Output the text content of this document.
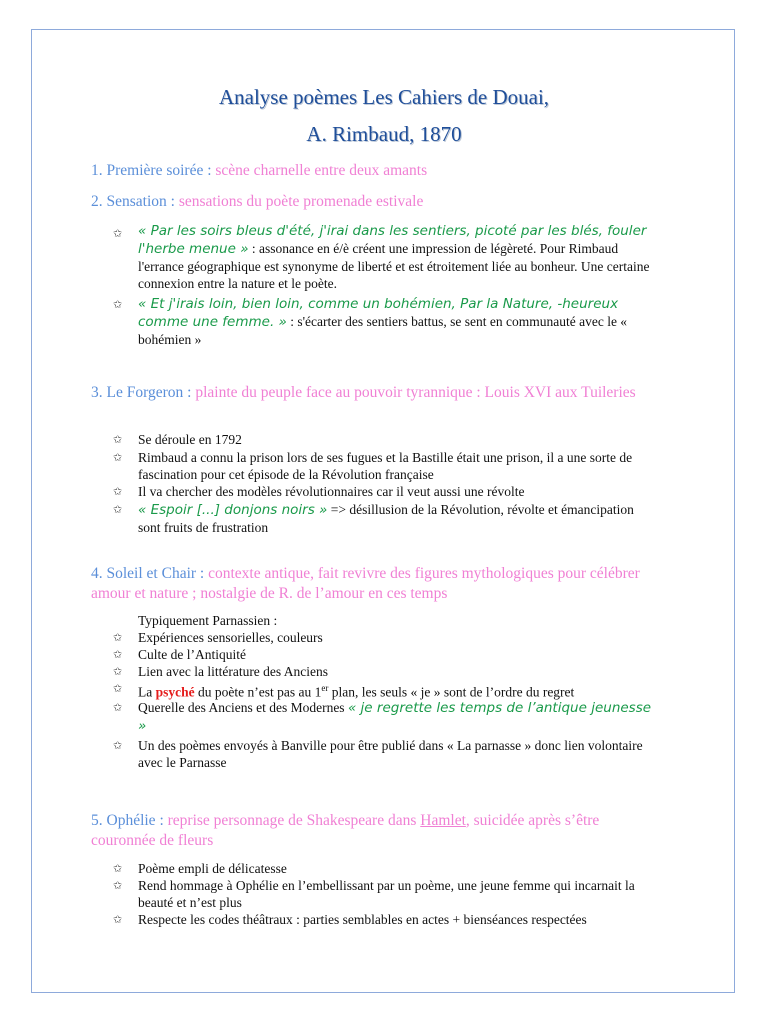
Analyse poèmes Les Cahiers de Douai,
A. Rimbaud, 1870
1. Première soirée : scène charnelle entre deux amants
2. Sensation : sensations du poète promenade estivale
✩ « Par les soirs bleus d'été, j'irai dans les sentiers, picoté par les blés, fouler l'herbe menue » : assonance en é/è créent une impression de légèreté. Pour Rimbaud l'errance géographique est synonyme de liberté et est étroitement liée au bonheur. Une certaine connexion entre la nature et le poète.
✩ « Et j'irais loin, bien loin, comme un bohémien, Par la Nature, -heureux comme une femme. » : s'écarter des sentiers battus, se sent en communauté avec le « bohémien »
3. Le Forgeron : plainte du peuple face au pouvoir tyrannique : Louis XVI aux Tuileries
✩ Se déroule en 1792
✩ Rimbaud a connu la prison lors de ses fugues et la Bastille était une prison, il a une sorte de fascination pour cet épisode de la Révolution française
✩ Il va chercher des modèles révolutionnaires car il veut aussi une révolte
✩ « Espoir [...] donjons noirs » => désillusion de la Révolution, révolte et émancipation sont fruits de frustration
4. Soleil et Chair : contexte antique, fait revivre des figures mythologiques pour célébrer amour et nature ; nostalgie de R. de l’amour en ces temps
Typiquement Parnassien :
✩ Expériences sensorielles, couleurs
✩ Culte de l’Antiquité
✩ Lien avec la littérature des Anciens
✩ La psyché du poète n’est pas au 1er plan, les seuls « je » sont de l’ordre du regret
✩ Querelle des Anciens et des Modernes « je regrette les temps de l’antique jeunesse »
✩ Un des poèmes envoyés à Banville pour être publié dans « La parnasse » donc lien volontaire avec le Parnasse
5. Ophélie : reprise personnage de Shakespeare dans Hamlet, suicidée après s’être couronnée de fleurs
✩ Poème empli de délicatesse
✩ Rend hommage à Ophélie en l’embellissant par un poème, une jeune femme qui incarnait la beauté et n’est plus
✩ Respecte les codes théâtraux : parties semblables en actes + bienséances respectées
